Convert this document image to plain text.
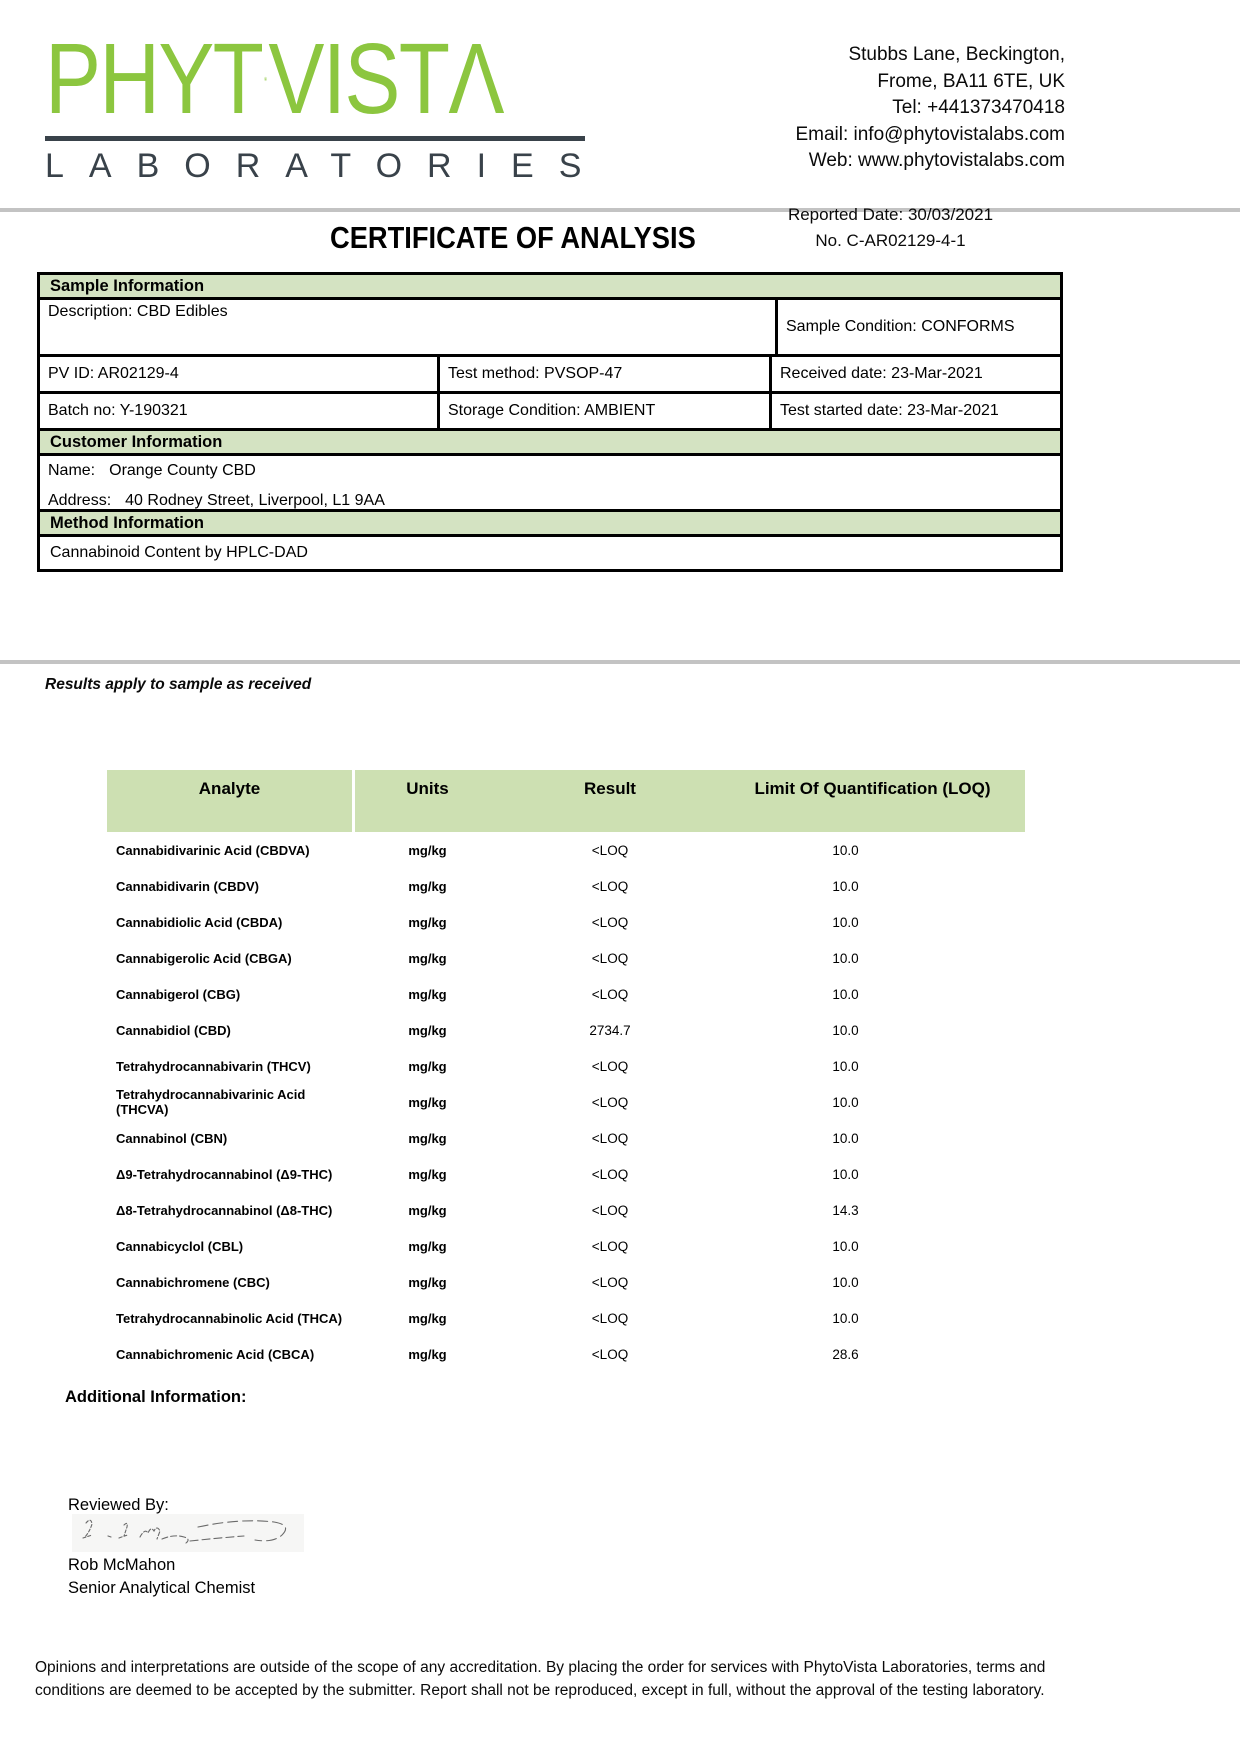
PHYT VIST Λ
LABORATORIES
Stubbs Lane, Beckington,
Frome, BA11 6TE, UK
Tel: +441373470418
Email: info@phytovistalabs.com
Web: www.phytovistalabs.com
Reported Date: 30/03/2021
No. C-AR02129-4-1
CERTIFICATE OF ANALYSIS
Sample Information
Description: CBD Edibles
Sample Condition: CONFORMS
PV ID: AR02129-4	Test method: PVSOP-47	Received date: 23-Mar-2021
Batch no: Y-190321	Storage Condition: AMBIENT	Test started date: 23-Mar-2021
Customer Information
Name: Orange County CBD
Address: 40 Rodney Street, Liverpool, L1 9AA
Method Information
Cannabinoid Content by HPLC-DAD
Results apply to sample as received
Analyte	Units	Result	Limit Of Quantification (LOQ)
Cannabidivarinic Acid (CBDVA)	mg/kg	<LOQ	10.0
Cannabidivarin (CBDV)	mg/kg	<LOQ	10.0
Cannabidiolic Acid (CBDA)	mg/kg	<LOQ	10.0
Cannabigerolic Acid (CBGA)	mg/kg	<LOQ	10.0
Cannabigerol (CBG)	mg/kg	<LOQ	10.0
Cannabidiol (CBD)	mg/kg	2734.7	10.0
Tetrahydrocannabivarin (THCV)	mg/kg	<LOQ	10.0
Tetrahydrocannabivarinic Acid (THCVA)	mg/kg	<LOQ	10.0
Cannabinol (CBN)	mg/kg	<LOQ	10.0
Δ9-Tetrahydrocannabinol (Δ9-THC)	mg/kg	<LOQ	10.0
Δ8-Tetrahydrocannabinol (Δ8-THC)	mg/kg	<LOQ	14.3
Cannabicyclol (CBL)	mg/kg	<LOQ	10.0
Cannabichromene (CBC)	mg/kg	<LOQ	10.0
Tetrahydrocannabinolic Acid (THCA)	mg/kg	<LOQ	10.0
Cannabichromenic Acid (CBCA)	mg/kg	<LOQ	28.6
Additional Information:
Reviewed By:
Rob McMahon
Senior Analytical Chemist
Opinions and interpretations are outside of the scope of any accreditation. By placing the order for services with PhytoVista Laboratories, terms and conditions are deemed to be accepted by the submitter. Report shall not be reproduced, except in full, without the approval of the testing laboratory.
